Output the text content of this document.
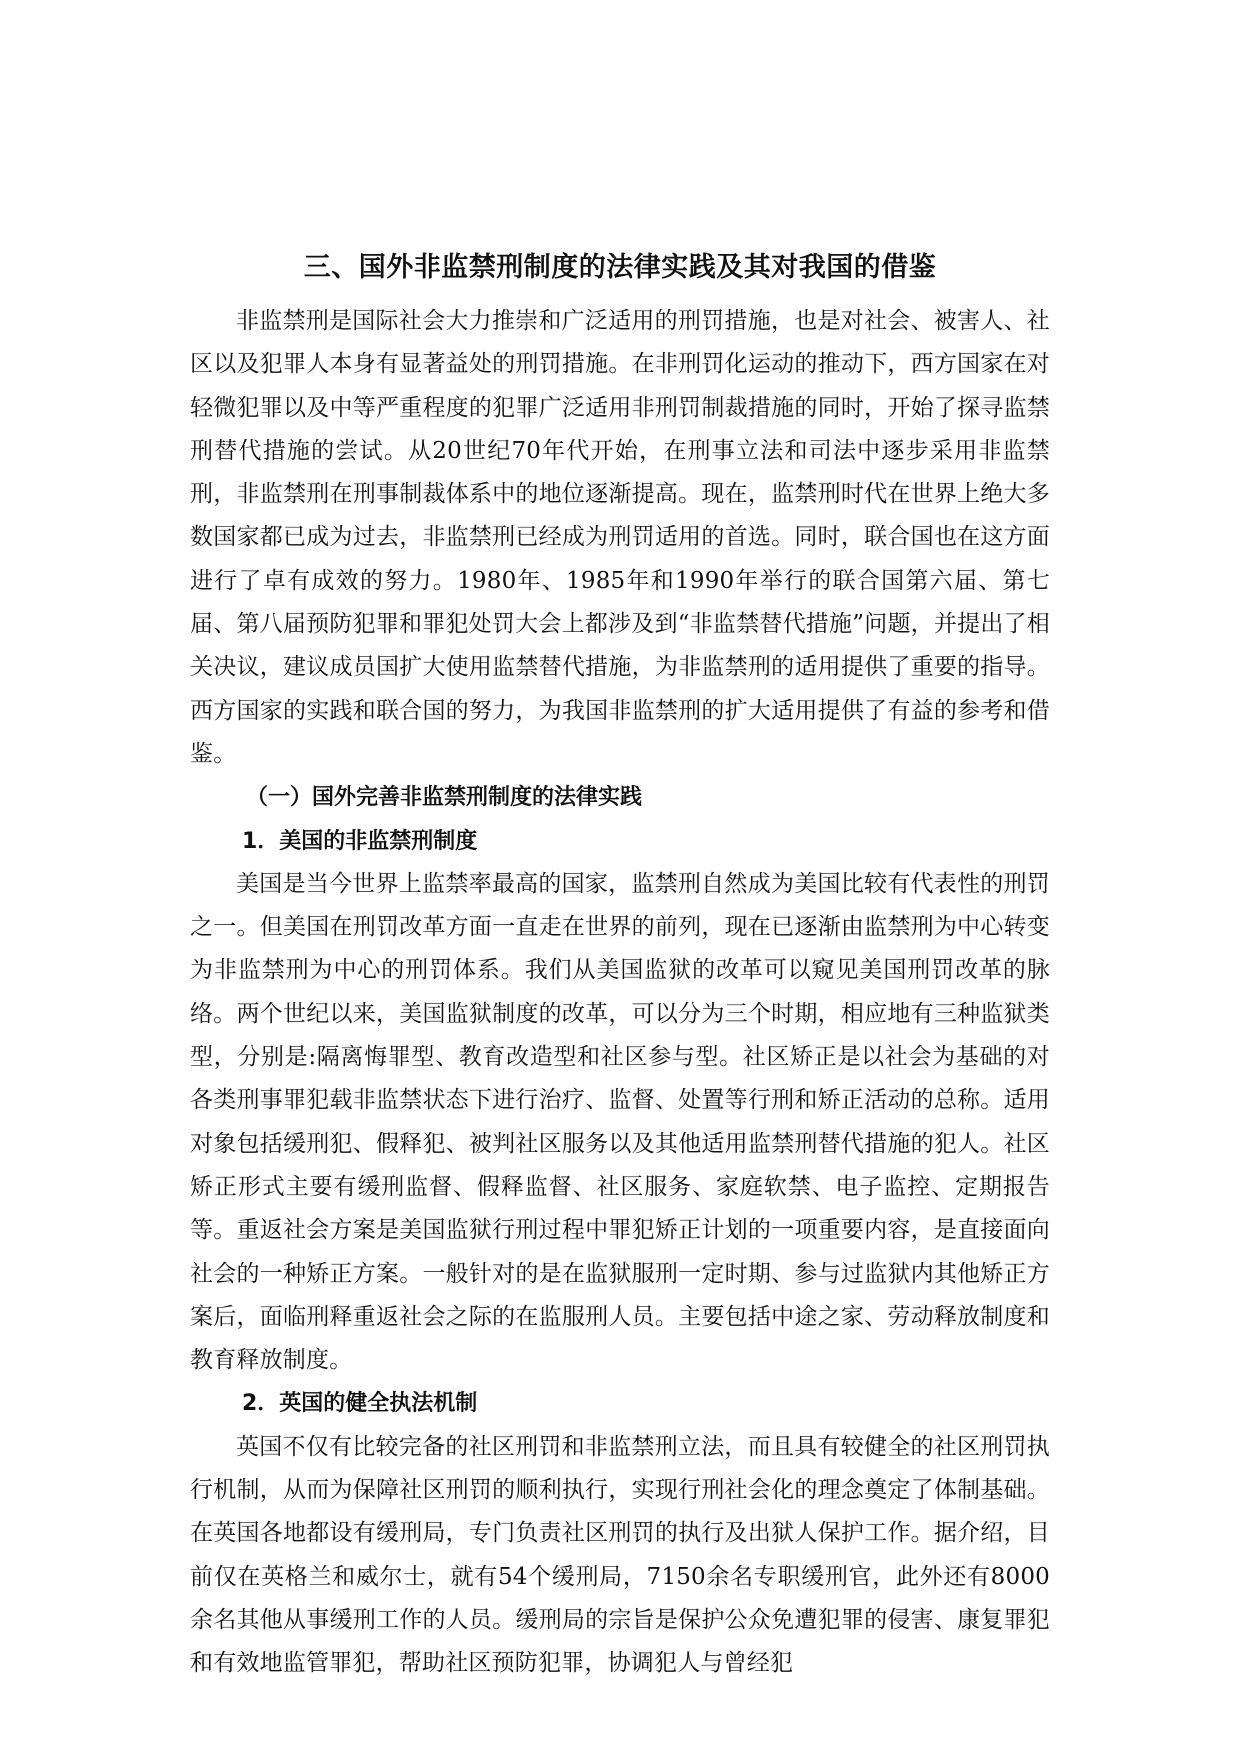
三、国外非监禁刑制度的法律实践及其对我国的借鉴

非监禁刑是国际社会大力推崇和广泛适用的刑罚措施，也是对社会、被害人、社区以及犯罪人本身有显著益处的刑罚措施。在非刑罚化运动的推动下，西方国家在对轻微犯罪以及中等严重程度的犯罪广泛适用非刑罚制裁措施的同时，开始了探寻监禁刑替代措施的尝试。从20世纪70年代开始，在刑事立法和司法中逐步采用非监禁刑，非监禁刑在刑事制裁体系中的地位逐渐提高。现在，监禁刑时代在世界上绝大多数国家都已成为过去，非监禁刑已经成为刑罚适用的首选。同时，联合国也在这方面进行了卓有成效的努力。1980年、1985年和1990年举行的联合国第六届、第七届、第八届预防犯罪和罪犯处罚大会上都涉及到“非监禁替代措施”问题，并提出了相关决议，建议成员国扩大使用监禁替代措施，为非监禁刑的适用提供了重要的指导。西方国家的实践和联合国的努力，为我国非监禁刑的扩大适用提供了有益的参考和借鉴。

（一）国外完善非监禁刑制度的法律实践
1．美国的非监禁刑制度

美国是当今世界上监禁率最高的国家，监禁刑自然成为美国比较有代表性的刑罚之一。但美国在刑罚改革方面一直走在世界的前列，现在已逐渐由监禁刑为中心转变为非监禁刑为中心的刑罚体系。我们从美国监狱的改革可以窥见美国刑罚改革的脉络。两个世纪以来，美国监狱制度的改革，可以分为三个时期，相应地有三种监狱类型，分别是:隔离悔罪型、教育改造型和社区参与型。社区矫正是以社会为基础的对各类刑事罪犯载非监禁状态下进行治疗、监督、处置等行刑和矫正活动的总称。适用对象包括缓刑犯、假释犯、被判社区服务以及其他适用监禁刑替代措施的犯人。社区矫正形式主要有缓刑监督、假释监督、社区服务、家庭软禁、电子监控、定期报告等。重返社会方案是美国监狱行刑过程中罪犯矫正计划的一项重要内容，是直接面向社会的一种矫正方案。一般针对的是在监狱服刑一定时期、参与过监狱内其他矫正方案后，面临刑释重返社会之际的在监服刑人员。主要包括中途之家、劳动释放制度和教育释放制度。

2．英国的健全执法机制

英国不仅有比较完备的社区刑罚和非监禁刑立法，而且具有较健全的社区刑罚执行机制，从而为保障社区刑罚的顺利执行，实现行刑社会化的理念奠定了体制基础。在英国各地都设有缓刑局，专门负责社区刑罚的执行及出狱人保护工作。据介绍，目前仅在英格兰和威尔士，就有54个缓刑局，7150余名专职缓刑官，此外还有8000余名其他从事缓刑工作的人员。缓刑局的宗旨是保护公众免遭犯罪的侵害、康复罪犯和有效地监管罪犯，帮助社区预防犯罪，协调犯人与曾经犯
